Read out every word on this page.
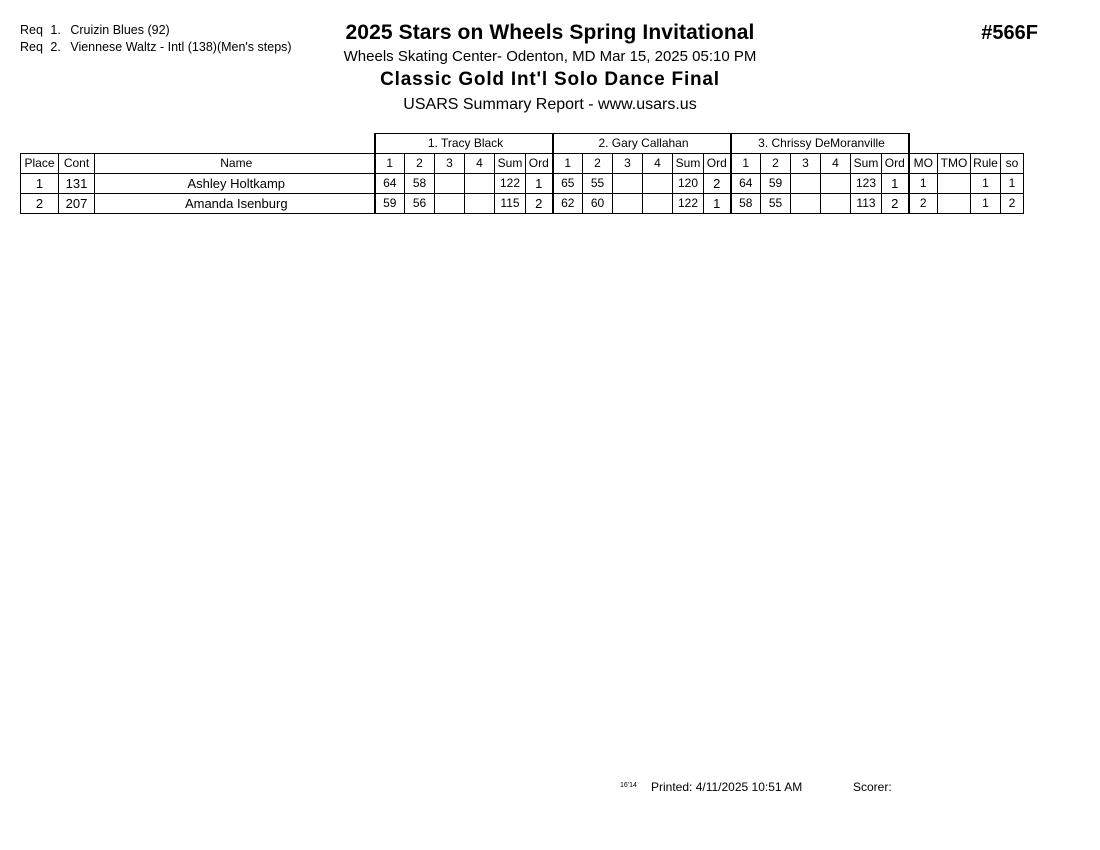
Req 1. Cruizin Blues (92)
Req 2. Viennese Waltz - Intl (138)(Men's steps)
2025 Stars on Wheels Spring Invitational
Wheels Skating Center- Odenton, MD Mar 15, 2025 05:10 PM
Classic Gold Int'l Solo Dance Final
USARS Summary Report - www.usars.us
#566F
			1. Tracy Black						2. Gary Callahan						3. Chrissy DeMoranville									
Place	Cont	Name	1	2	3	4	Sum	Ord	1	2	3	4	Sum	Ord	1	2	3	4	Sum	Ord	MO	TMO	Rule	so
1	131	Ashley Holtkamp	64	58			122	1	65	55			120	2	64	59			123	1	1		1	1
2	207	Amanda Isenburg	59	56			115	2	62	60			122	1	58	55			113	2	2		1	2
16'14 Printed: 4/11/2025 10:51 AM	Scorer:
